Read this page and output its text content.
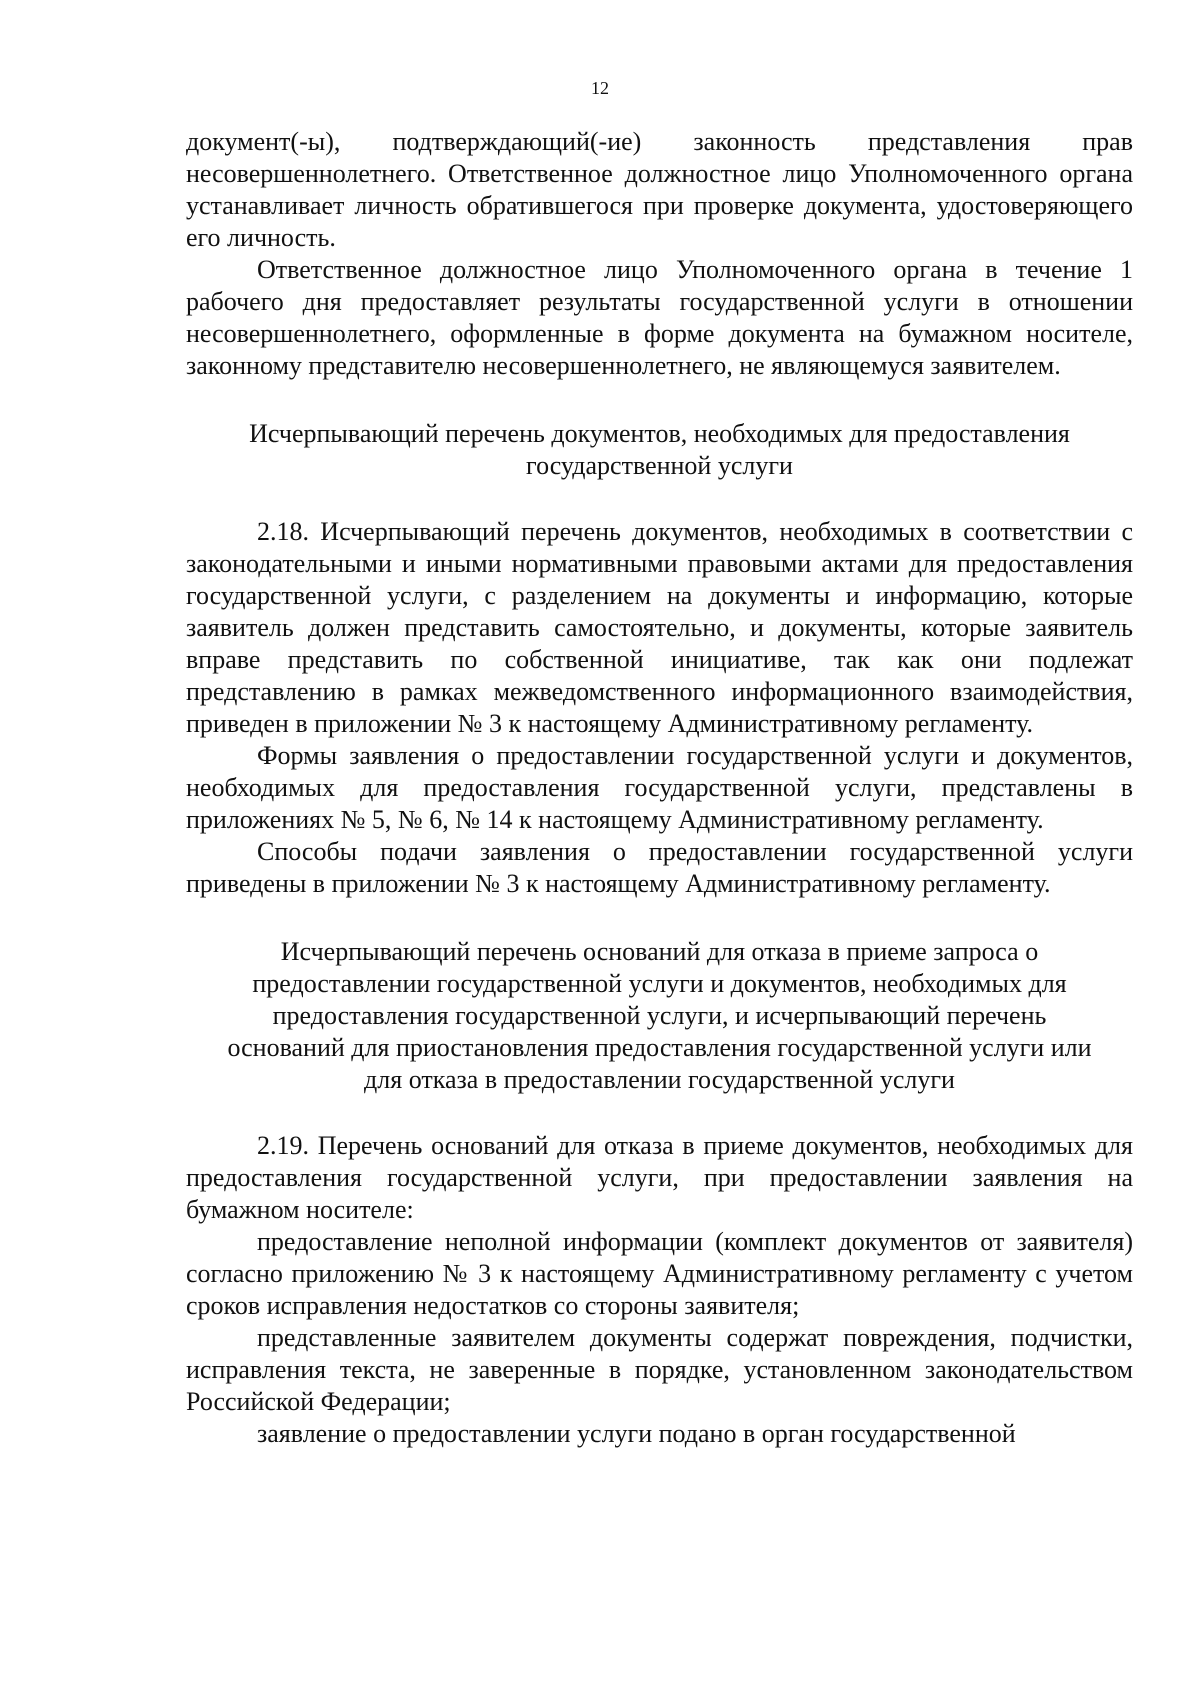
12

документ(-ы), подтверждающий(-ие) законность представления прав несовершеннолетнего. Ответственное должностное лицо Уполномоченного органа устанавливает личность обратившегося при проверке документа, удостоверяющего его личность.

Ответственное должностное лицо Уполномоченного органа в течение 1 рабочего дня предоставляет результаты государственной услуги в отношении несовершеннолетнего, оформленные в форме документа на бумажном носителе, законному представителю несовершеннолетнего, не являющемуся заявителем.

Исчерпывающий перечень документов, необходимых для предоставления
государственной услуги

2.18. Исчерпывающий перечень документов, необходимых в соответствии с законодательными и иными нормативными правовыми актами для предоставления государственной услуги, с разделением на документы и информацию, которые заявитель должен представить самостоятельно, и документы, которые заявитель вправе представить по собственной инициативе, так как они подлежат представлению в рамках межведомственного информационного взаимодействия, приведен в приложении № 3 к настоящему Административному регламенту.

Формы заявления о предоставлении государственной услуги и документов, необходимых для предоставления государственной услуги, представлены в приложениях № 5, № 6, № 14 к настоящему Административному регламенту.

Способы подачи заявления о предоставлении государственной услуги приведены в приложении № 3 к настоящему Административному регламенту.

Исчерпывающий перечень оснований для отказа в приеме запроса о
предоставлении государственной услуги и документов, необходимых для
предоставления государственной услуги, и исчерпывающий перечень
оснований для приостановления предоставления государственной услуги или
для отказа в предоставлении государственной услуги

2.19. Перечень оснований для отказа в приеме документов, необходимых для предоставления государственной услуги, при предоставлении заявления на бумажном носителе:

предоставление неполной информации (комплект документов от заявителя) согласно приложению № 3 к настоящему Административному регламенту с учетом сроков исправления недостатков со стороны заявителя;

представленные заявителем документы содержат повреждения, подчистки, исправления текста, не заверенные в порядке, установленном законодательством Российской Федерации;

заявление о предоставлении услуги подано в орган государственной
